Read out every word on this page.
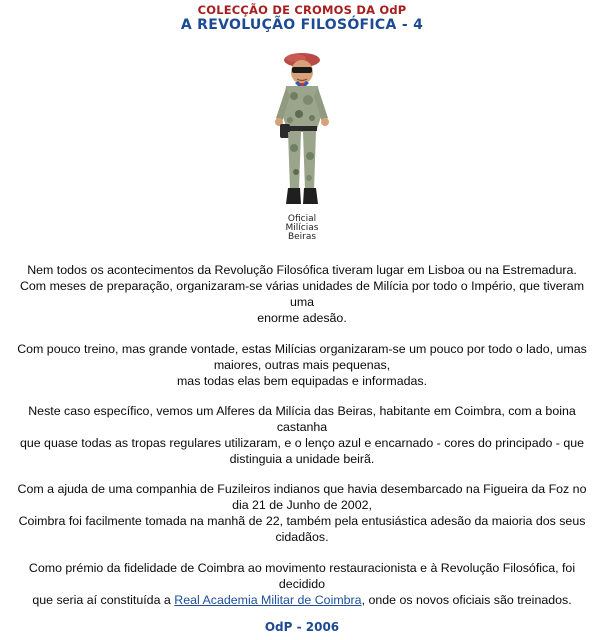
COLECÇÃO DE CROMOS DA OdP
A REVOLUÇÃO FILOSÓFICA - 4
Oficial
Milícias
Beiras
Nem todos os acontecimentos da Revolução Filosófica tiveram lugar em Lisboa ou na Estremadura.
Com meses de preparação, organizaram-se várias unidades de Milícia por todo o Império, que tiveram
uma
enorme adesão.
Com pouco treino, mas grande vontade, estas Milícias organizaram-se um pouco por todo o lado, umas
maiores, outras mais pequenas,
mas todas elas bem equipadas e informadas.
Neste caso específico, vemos um Alferes da Milícia das Beiras, habitante em Coimbra, com a boina
castanha
que quase todas as tropas regulares utilizaram, e o lenço azul e encarnado - cores do principado - que
distinguia a unidade beirã.
Com a ajuda de uma companhia de Fuzileiros indianos que havia desembarcado na Figueira da Foz no
dia 21 de Junho de 2002,
Coimbra foi facilmente tomada na manhã de 22, também pela entusiástica adesão da maioria dos seus
cidadãos.
Como prémio da fidelidade de Coimbra ao movimento restauracionista e à Revolução Filosófica, foi
decidido
que seria aí constituída a Real Academia Militar de Coimbra, onde os novos oficiais são treinados.
OdP - 2006
